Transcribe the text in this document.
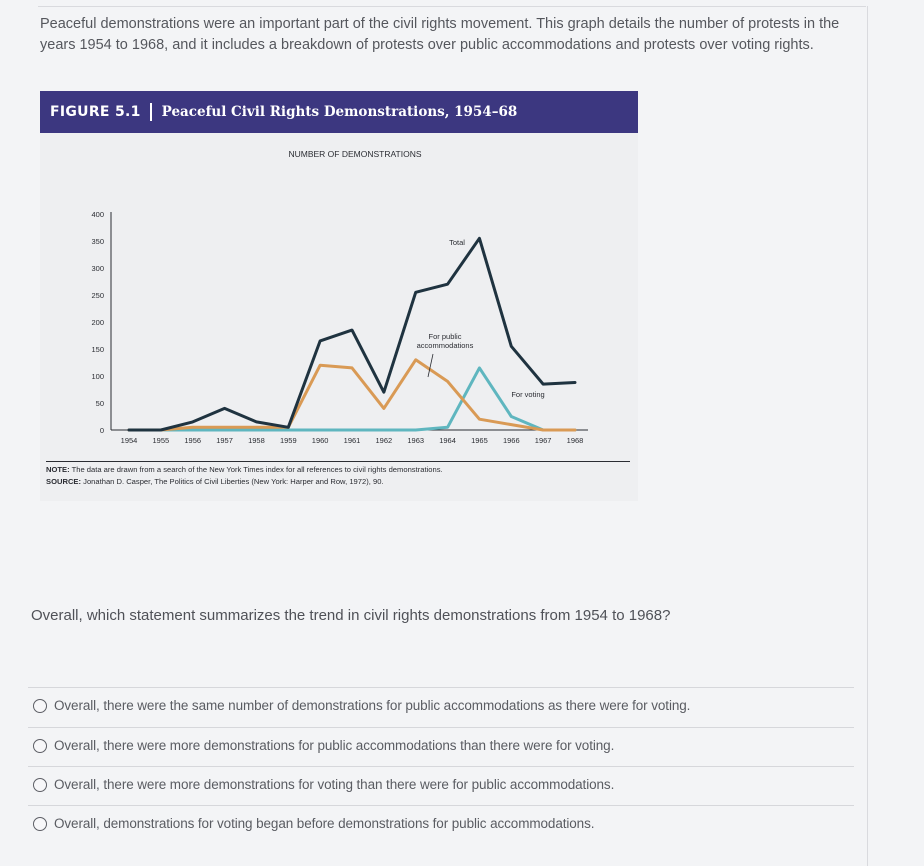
Peaceful demonstrations were an important part of the civil rights movement. This graph details the number of protests in the years 1954 to 1968, and it includes a breakdown of protests over public accommodations and protests over voting rights.

FIGURE 5.1	Peaceful Civil Rights Demonstrations, 1954–68
NUMBER OF DEMONSTRATIONS
0
50
100
150
200
250
300
350
400
1954 1955 1956 1957 1958 1959 1960 1961 1962 1963 1964 1965 1966 1967 1968
Total
For public accommodations
For voting
NOTE: The data are drawn from a search of the New York Times index for all references to civil rights demonstrations.
SOURCE: Jonathan D. Casper, The Politics of Civil Liberties (New York: Harper and Row, 1972), 90.

Overall, which statement summarizes the trend in civil rights demonstrations from 1954 to 1968?

Overall, there were the same number of demonstrations for public accommodations as there were for voting.
Overall, there were more demonstrations for public accommodations than there were for voting.
Overall, there were more demonstrations for voting than there were for public accommodations.
Overall, demonstrations for voting began before demonstrations for public accommodations.
